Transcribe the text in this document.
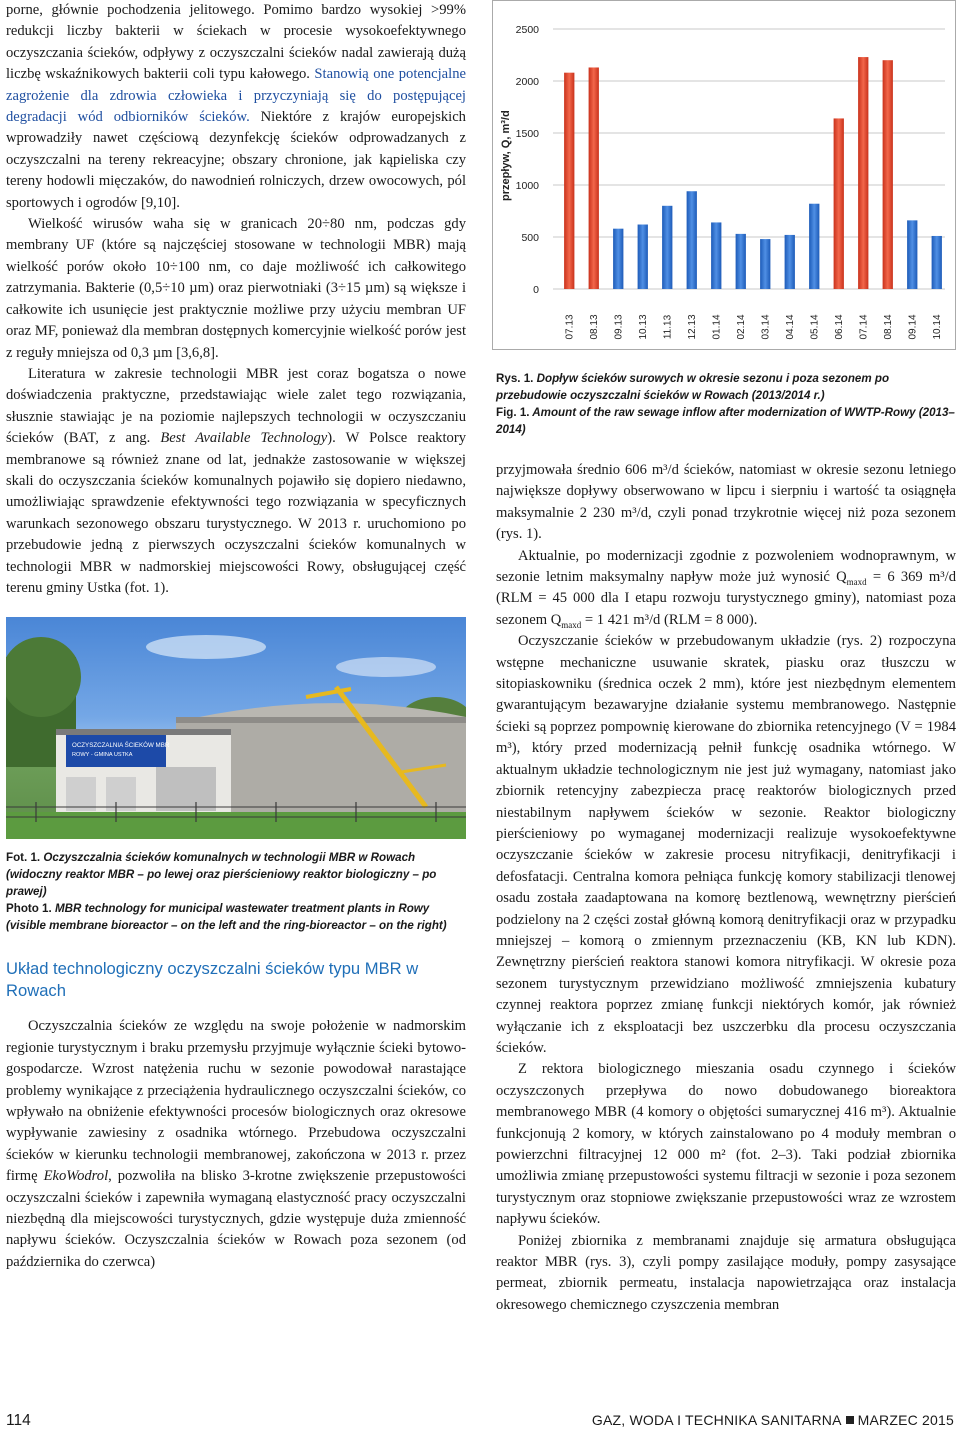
porne, głównie pochodzenia jelitowego. Pomimo bardzo wysokiej >99% redukcji liczby bakterii w ściekach w procesie wysokoefektywnego oczyszczania ścieków, odpływy z oczyszczalni ścieków nadal zawierają dużą liczbę wskaźnikowych bakterii coli typu kałowego. Stanowią one potencjalne zagrożenie dla zdrowia człowieka i przyczyniają się do postępującej degradacji wód odbiorników ścieków. Niektóre z krajów europejskich wprowadziły nawet częściową dezynfekcję ścieków odprowadzanych z oczyszczalni na tereny rekreacyjne; obszary chronione, jak kąpieliska czy tereny hodowli mięczaków, do nawodnień rolniczych, drzew owocowych, pól sportowych i ogrodów [9,10].

Wielkość wirusów waha się w granicach 20÷80 nm, podczas gdy membrany UF (które są najczęściej stosowane w technologii MBR) mają wielkość porów około 10÷100 nm, co daje możliwość ich całkowitego zatrzymania. Bakterie (0,5÷10 µm) oraz pierwotniaki (3÷15 µm) są większe i całkowite ich usunięcie jest praktycznie możliwe przy użyciu membran UF oraz MF, ponieważ dla membran dostępnych komercyjnie wielkość porów jest z reguły mniejsza od 0,3 µm [3,6,8].

Literatura w zakresie technologii MBR jest coraz bogatsza o nowe doświadczenia praktyczne, przedstawiając wiele zalet tego rozwiązania, słusznie stawiając je na poziomie najlepszych technologii w oczyszczaniu ścieków (BAT, z ang. Best Available Technology). W Polsce reaktory membranowe są również znane od lat, jednakże zastosowanie w większej skali do oczyszczania ścieków komunalnych pojawiło się dopiero niedawno, umożliwiając sprawdzenie efektywności tego rozwiązania w specyficznych warunkach sezonowego obszaru turystycznego. W 2013 r. uruchomiono po przebudowie jedną z pierwszych oczyszczalni ścieków komunalnych w technologii MBR w nadmorskiej miejscowości Rowy, obsługującej część terenu gminy Ustka (fot. 1).

OCZYSZCZALNIA ŚCIEKÓW MBR
ROWY - GMINA USTKA

Fot. 1. Oczyszczalnia ścieków komunalnych w technologii MBR w Rowach (widoczny reaktor MBR – po lewej oraz pierścieniowy reaktor biologiczny – po prawej)

Photo 1. MBR technology for municipal wastewater treatment plants in Rowy (visible membrane bioreactor – on the left and the ring-bioreactor – on the right)

Układ technologiczny oczyszczalni ścieków typu MBR w Rowach

Oczyszczalnia ścieków ze względu na swoje położenie w nadmorskim regionie turystycznym i braku przemysłu przyjmuje wyłącznie ścieki bytowo-gospodarcze. Wzrost natężenia ruchu w sezonie powodował narastające problemy wynikające z przeciążenia hydraulicznego oczyszczalni ścieków, co wpływało na obniżenie efektywności procesów biologicznych oraz okresowe wypływanie zawiesiny z osadnika wtórnego. Przebudowa oczyszczalni ścieków w kierunku technologii membranowej, zakończona w 2013 r. przez firmę EkoWodrol, pozwoliła na blisko 3-krotne zwiększenie przepustowości oczyszczalni ścieków i zapewniła wymaganą elastyczność pracy oczyszczalni niezbędną dla miejscowości turystycznych, gdzie występuje duża zmienność napływu ścieków. Oczyszczalnia ścieków w Rowach poza sezonem (od października do czerwca)

0
500
1000
1500
2000
2500
07.13 08.13 09.13 10.13 11.13 12.13 01.14 02.14 03.14 04.14 05.14 06.14 07.14 08.14 09.14 10.14
przepływ, Q, m³/d

Rys. 1. Dopływ ścieków surowych w okresie sezonu i poza sezonem po przebudowie oczyszczalni ścieków w Rowach (2013/2014 r.)

Fig. 1. Amount of the raw sewage inflow after modernization of WWTP-Rowy (2013–2014)

przyjmowała średnio 606 m³/d ścieków, natomiast w okresie sezonu letniego największe dopływy obserwowano w lipcu i sierpniu i wartość ta osiągnęła maksymalnie 2 230 m³/d, czyli ponad trzykrotnie więcej niż poza sezonem (rys. 1).

Aktualnie, po modernizacji zgodnie z pozwoleniem wodnoprawnym, w sezonie letnim maksymalny napływ może już wynosić $Q_{maxd} = 6$ 369 m³/d (RLM = 45 000 dla I etapu rozwoju turystycznego gminy), natomiast poza sezonem $Q_{maxd} = 1$ 421 m³/d (RLM = 8 000).

Oczyszczanie ścieków w przebudowanym układzie (rys. 2) rozpoczyna wstępne mechaniczne usuwanie skratek, piasku oraz tłuszczu w sitopiaskowniku (średnica oczek 2 mm), które jest niezbędnym elementem gwarantującym bezawaryjne działanie systemu membranowego. Następnie ścieki są poprzez pompownię kierowane do zbiornika retencyjnego (V = 1984 m³), który przed modernizacją pełnił funkcję osadnika wtórnego. W aktualnym układzie technologicznym nie jest już wymagany, natomiast jako zbiornik retencyjny zabezpiecza pracę reaktorów biologicznych przed niestabilnym napływem ścieków w sezonie. Reaktor biologiczny pierścieniowy po wymaganej modernizacji realizuje wysokoefektywne oczyszczanie ścieków w zakresie procesu nitryfikacji, denitryfikacji i defosfatacji. Centralna komora pełniąca funkcję komory stabilizacji tlenowej osadu została zaadaptowana na komorę beztlenową, wewnętrzny pierścień podzielony na 2 części został główną komorą denitryfikacji oraz w przypadku mniejszej – komorą o zmiennym przeznaczeniu (KB, KN lub KDN). Zewnętrzny pierścień reaktora stanowi komora nitryfikacji. W okresie poza sezonem turystycznym przewidziano możliwość zmniejszenia kubatury czynnej reaktora poprzez zmianę funkcji niektórych komór, jak również wyłączanie ich z eksploatacji bez uszczerbku dla procesu oczyszczania ścieków.

Z rektora biologicznego mieszania osadu czynnego i ścieków oczyszczonych przepływa do nowo dobudowanego bioreaktora membranowego MBR (4 komory o objętości sumarycznej 416 m³). Aktualnie funkcjonują 2 komory, w których zainstalowano po 4 moduły membran o powierzchni filtracyjnej 12 000 m² (fot. 2–3). Taki podział zbiornika umożliwia zmianę przepustowości systemu filtracji w sezonie i poza sezonem turystycznym oraz stopniowe zwiększanie przepustowości wraz ze wzrostem napływu ścieków.

Poniżej zbiornika z membranami znajduje się armatura obsługująca reaktor MBR (rys. 3), czyli pompy zasilające moduły, pompy zasysające permeat, zbiornik permeatu, instalacja napowietrzająca oraz instalacja okresowego chemicznego czyszczenia membran

114	GAZ, WODA I TECHNIKA SANITARNA MARZEC 2015
